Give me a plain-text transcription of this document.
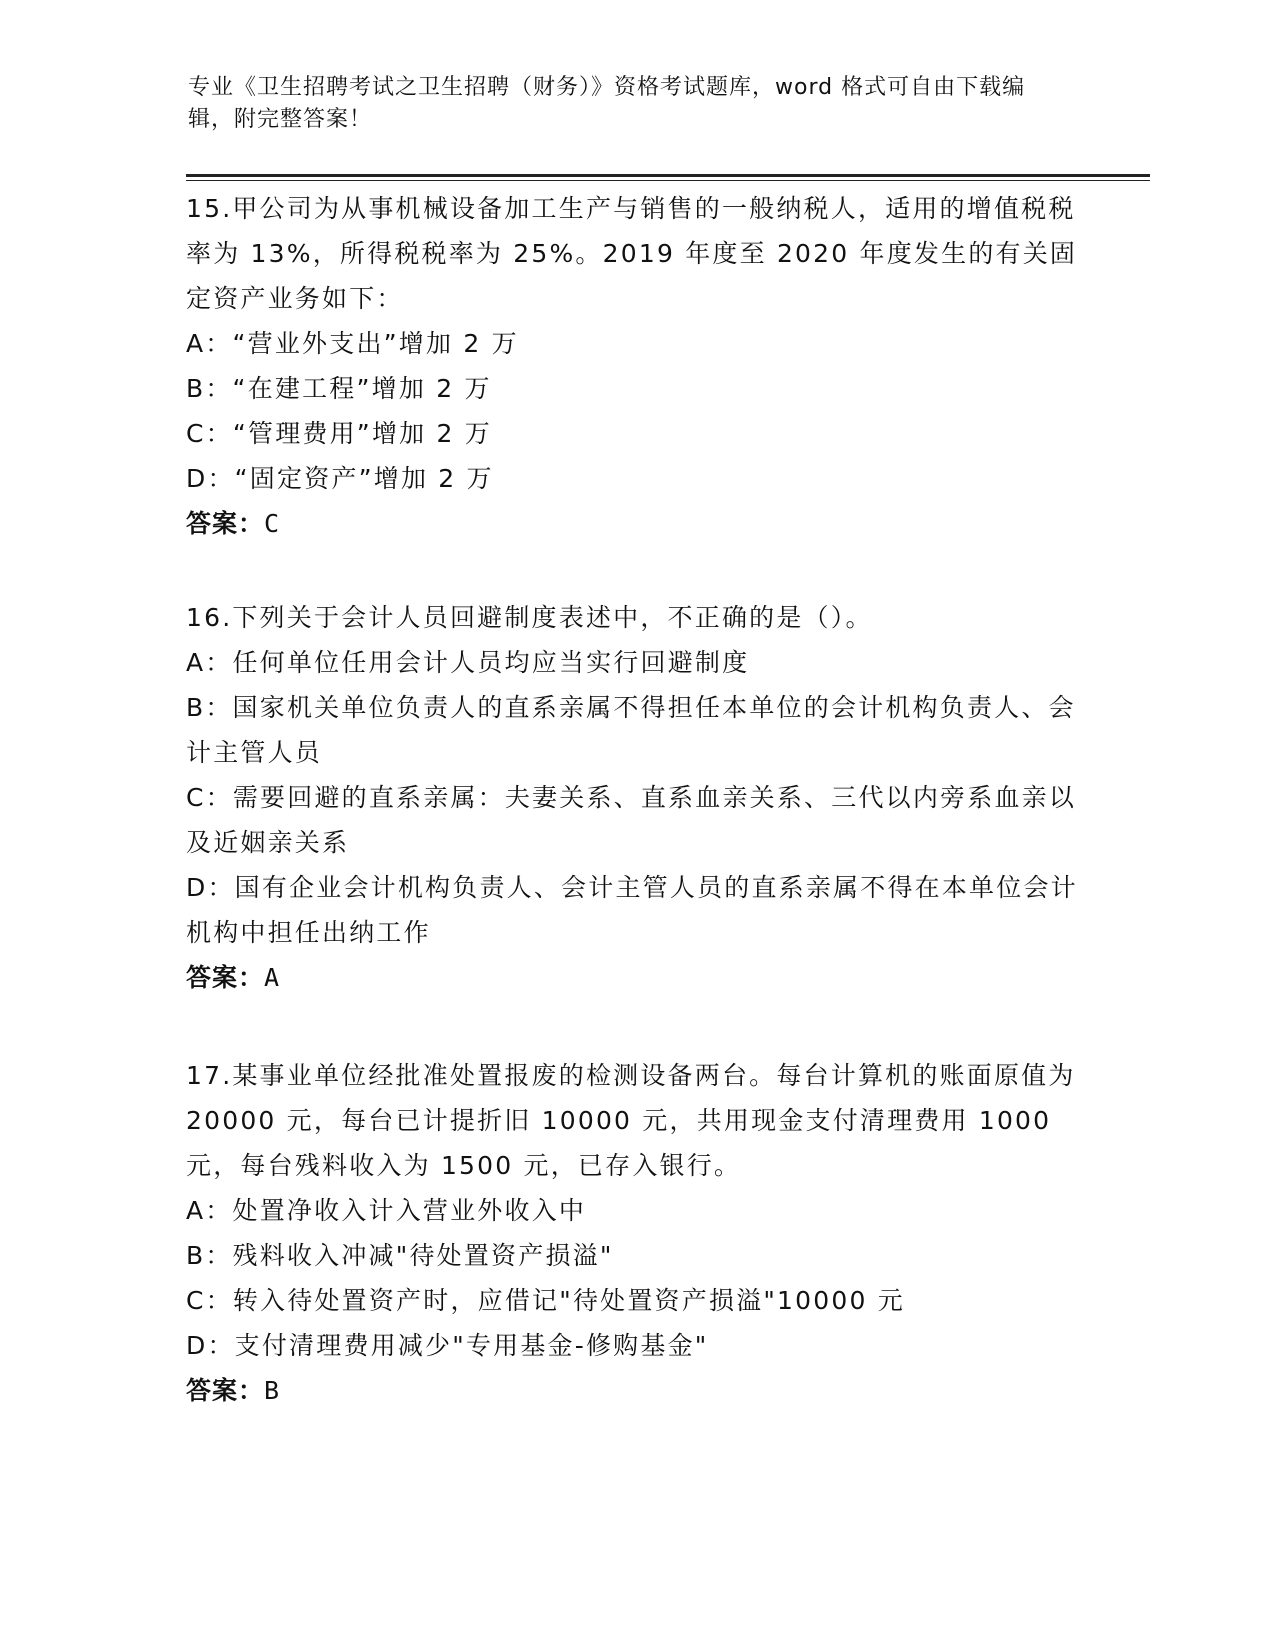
专业《卫生招聘考试之卫生招聘（财务）》资格考试题库，word 格式可自由下载编辑，附完整答案！

15.甲公司为从事机械设备加工生产与销售的一般纳税人，适用的增值税税率为 13%，所得税税率为 25%。2019 年度至 2020 年度发生的有关固定资产业务如下：

A：“营业外支出”增加 2 万

B：“在建工程”增加 2 万

C：“管理费用”增加 2 万

D：“固定资产”增加 2 万

答案：C

16.下列关于会计人员回避制度表述中，不正确的是（）。

A：任何单位任用会计人员均应当实行回避制度

B：国家机关单位负责人的直系亲属不得担任本单位的会计机构负责人、会计主管人员

C：需要回避的直系亲属：夫妻关系、直系血亲关系、三代以内旁系血亲以及近姻亲关系

D：国有企业会计机构负责人、会计主管人员的直系亲属不得在本单位会计机构中担任出纳工作

答案：A

17.某事业单位经批准处置报废的检测设备两台。每台计算机的账面原值为 20000 元，每台已计提折旧 10000 元，共用现金支付清理费用 1000 元，每台残料收入为 1500 元，已存入银行。

A：处置净收入计入营业外收入中

B：残料收入冲减"待处置资产损溢"

C：转入待处置资产时，应借记"待处置资产损溢"10000 元

D：支付清理费用减少"专用基金-修购基金"

答案：B
